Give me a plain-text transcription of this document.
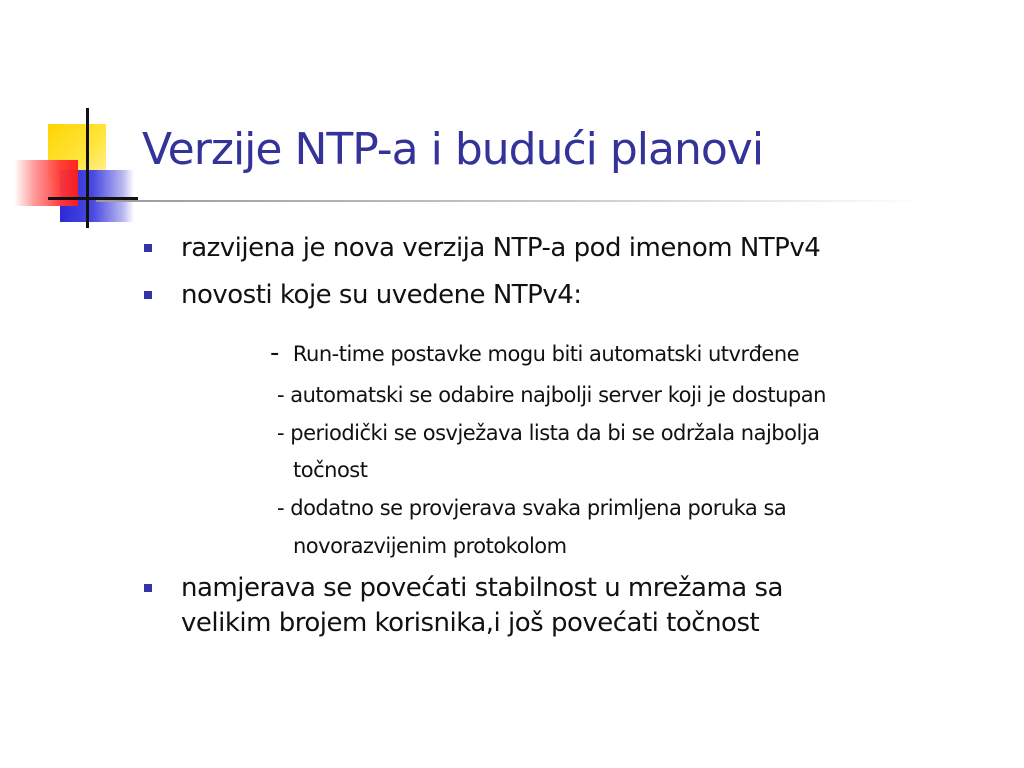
Verzije NTP-a i budući planovi
razvijena je nova verzija NTP-a pod imenom NTPv4
novosti koje su uvedene NTPv4:
- Run-time postavke mogu biti automatski utvrđene
- automatski se odabire najbolji server koji je dostupan
- periodički se osvježava lista da bi se održala najbolja
točnost
- dodatno se provjerava svaka primljena poruka sa
novorazvijenim protokolom
namjerava se povećati stabilnost u mrežama sa
velikim brojem korisnika,i još povećati točnost
